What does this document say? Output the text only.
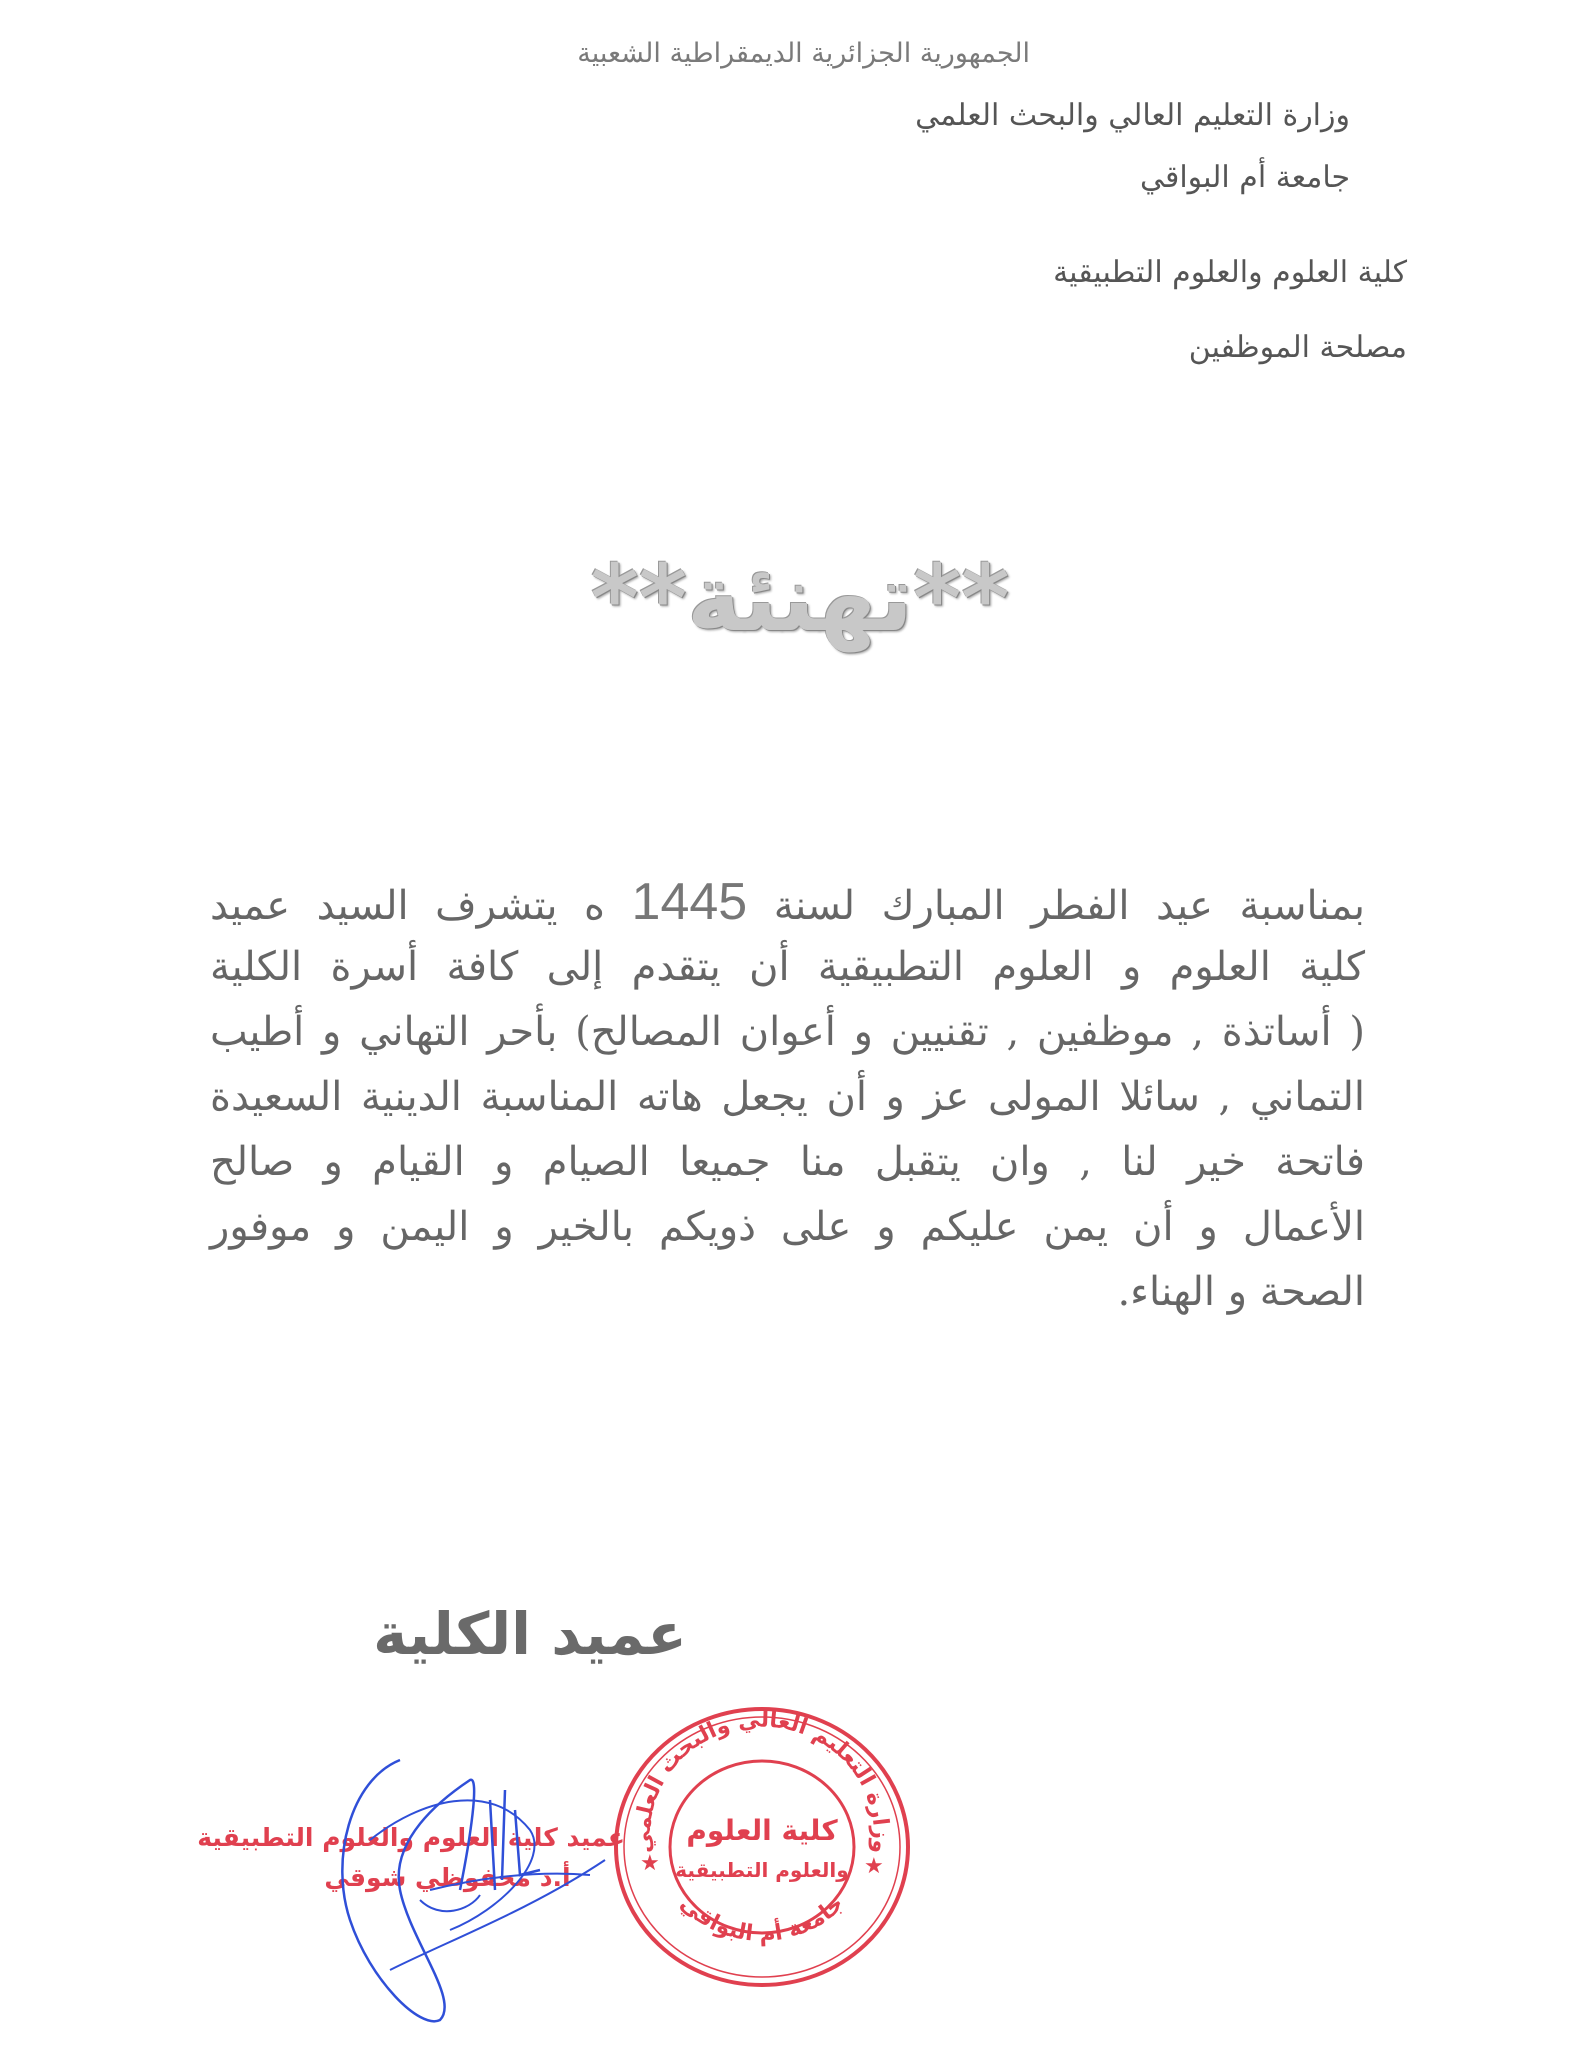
الجمهورية الجزائرية الديمقراطية الشعبية
وزارة التعليم العالي والبحث العلمي
جامعة أم البواقي
كلية العلوم والعلوم التطبيقية
مصلحة الموظفين
**تهنئة**
بمناسبة عيد الفطر المبارك لسنة 1445 ه يتشرف السيد عميد
كلية العلوم و العلوم التطبيقية أن يتقدم إلى كافة أسرة الكلية
( أساتذة , موظفين , تقنيين و أعوان المصالح) بأحر التهاني و أطيب
التماني , سائلا المولى عز و أن يجعل هاته المناسبة الدينية السعيدة
فاتحة خير لنا , وان يتقبل منا جميعا الصيام و القيام و صالح
الأعمال و أن يمن عليكم و على ذويكم بالخير و اليمن و موفور
الصحة و الهناء.
عميد الكلية
عميد كلية العلوم والعلوم التطبيقية
أ.د محفوظي شوقي
وزارة التعليم العالي والبحث العلمي
جامعة أم البواقي
★	★
كلية العلوم
والعلوم التطبيقية
